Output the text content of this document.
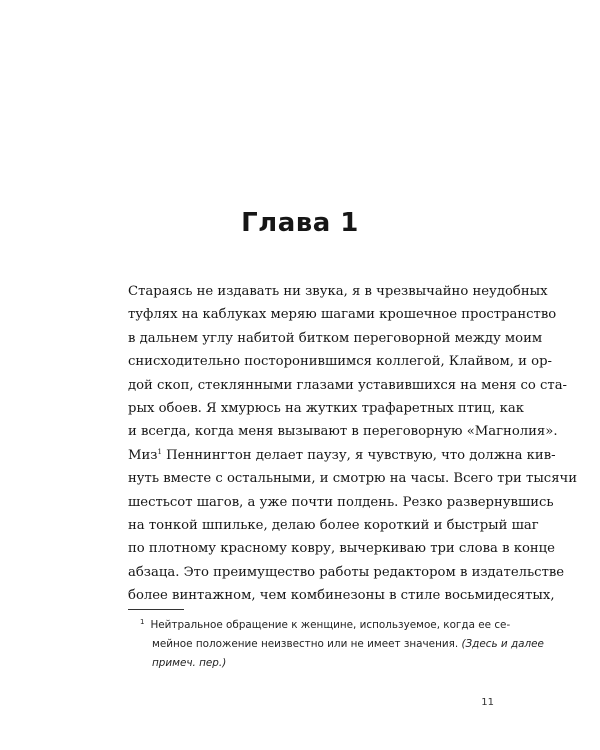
Глава 1
Стараясь не издавать ни звука, я в чрезвычайно неудобных
туфлях на каблуках меряю шагами крошечное пространство
в дальнем углу набитой битком переговорной между моим
снисходительно посторонившимся коллегой, Клайвом, и ор-
дой скоп, стеклянными глазами уставившихся на меня со ста-
рых обоев. Я хмурюсь на жутких трафаретных птиц, как
и всегда, когда меня вызывают в переговорную «Магнолия».
Миз$^1$ Пеннингтон делает паузу, я чувствую, что должна кив-
нуть вместе с остальными, и смотрю на часы. Всего три тысячи
шестьсот шагов, а уже почти полдень. Резко развернувшись
на тонкой шпильке, делаю более короткий и быстрый шаг
по плотному красному ковру, вычеркиваю три слова в конце
абзаца. Это преимущество работы редактором в издательстве
более винтажном, чем комбинезоны в стиле восьмидесятых,
$^1$ Нейтральное обращение к женщине, используемое, когда ее се-
мейное положение неизвестно или не имеет значения. (Здесь и далее
примеч. пер.)
11
